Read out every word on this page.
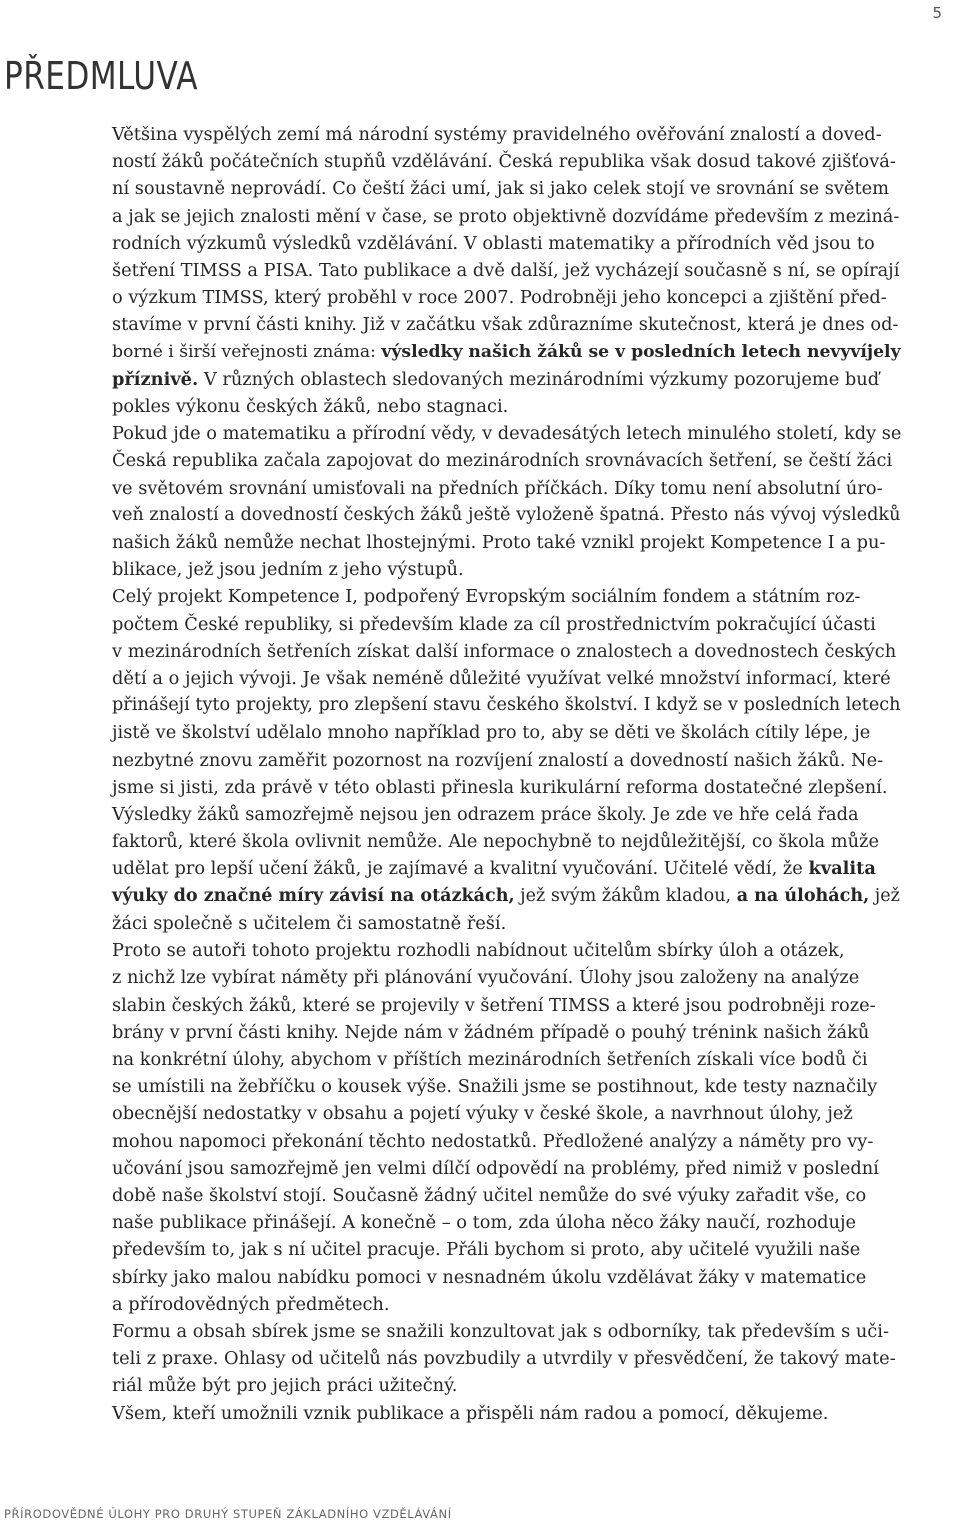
5
PŘEDMLUVA
Většina vyspělých zemí má národní systémy pravidelného ověřování znalostí a doved-
ností žáků počátečních stupňů vzdělávání. Česká republika však dosud takové zjišťová-
ní soustavně neprovádí. Co čeští žáci umí, jak si jako celek stojí ve srovnání se světem
a jak se jejich znalosti mění v čase, se proto objektivně dozvídáme především z meziná-
rodních výzkumů výsledků vzdělávání. V oblasti matematiky a přírodních věd jsou to
šetření TIMSS a PISA. Tato publikace a dvě další, jež vycházejí současně s ní, se opírají
o výzkum TIMSS, který proběhl v roce 2007. Podrobněji jeho koncepci a zjištění před-
stavíme v první části knihy. Již v začátku však zdůrazníme skutečnost, která je dnes od-
borné i širší veřejnosti známa: výsledky našich žáků se v posledních letech nevyvíjely
příznivě. V různých oblastech sledovaných mezinárodními výzkumy pozorujeme buď
pokles výkonu českých žáků, nebo stagnaci.
Pokud jde o matematiku a přírodní vědy, v devadesátých letech minulého století, kdy se
Česká republika začala zapojovat do mezinárodních srovnávacích šetření, se čeští žáci
ve světovém srovnání umisťovali na předních příčkách. Díky tomu není absolutní úro-
veň znalostí a dovedností českých žáků ještě vyloženě špatná. Přesto nás vývoj výsledků
našich žáků nemůže nechat lhostejnými. Proto také vznikl projekt Kompetence I a pu-
blikace, jež jsou jedním z jeho výstupů.
Celý projekt Kompetence I, podpořený Evropským sociálním fondem a státním roz-
počtem České republiky, si především klade za cíl prostřednictvím pokračující účasti
v mezinárodních šetřeních získat další informace o znalostech a dovednostech českých
dětí a o jejich vývoji. Je však neméně důležité využívat velké množství informací, které
přinášejí tyto projekty, pro zlepšení stavu českého školství. I když se v posledních letech
jistě ve školství udělalo mnoho například pro to, aby se děti ve školách cítily lépe, je
nezbytné znovu zaměřit pozornost na rozvíjení znalostí a dovedností našich žáků. Ne-
jsme si jisti, zda právě v této oblasti přinesla kurikulární reforma dostatečné zlepšení.
Výsledky žáků samozřejmě nejsou jen odrazem práce školy. Je zde ve hře celá řada
faktorů, které škola ovlivnit nemůže. Ale nepochybně to nejdůležitější, co škola může
udělat pro lepší učení žáků, je zajímavé a kvalitní vyučování. Učitelé vědí, že kvalita
výuky do značné míry závisí na otázkách, jež svým žákům kladou, a na úlohách, jež
žáci společně s učitelem či samostatně řeší.
Proto se autoři tohoto projektu rozhodli nabídnout učitelům sbírky úloh a otázek,
z nichž lze vybírat náměty při plánování vyučování. Úlohy jsou založeny na analýze
slabin českých žáků, které se projevily v šetření TIMSS a které jsou podrobněji roze-
brány v první části knihy. Nejde nám v žádném případě o pouhý trénink našich žáků
na konkrétní úlohy, abychom v příštích mezinárodních šetřeních získali více bodů či
se umístili na žebříčku o kousek výše. Snažili jsme se postihnout, kde testy naznačily
obecnější nedostatky v obsahu a pojetí výuky v české škole, a navrhnout úlohy, jež
mohou napomoci překonání těchto nedostatků. Předložené analýzy a náměty pro vy-
učování jsou samozřejmě jen velmi dílčí odpovědí na problémy, před nimiž v poslední
době naše školství stojí. Současně žádný učitel nemůže do své výuky zařadit vše, co
naše publikace přinášejí. A konečně – o tom, zda úloha něco žáky naučí, rozhoduje
především to, jak s ní učitel pracuje. Přáli bychom si proto, aby učitelé využili naše
sbírky jako malou nabídku pomoci v nesnadném úkolu vzdělávat žáky v matematice
a přírodovědných předmětech.
Formu a obsah sbírek jsme se snažili konzultovat jak s odborníky, tak především s uči-
teli z praxe. Ohlasy od učitelů nás povzbudily a utvrdily v přesvědčení, že takový mate-
riál může být pro jejich práci užitečný.
Všem, kteří umožnili vznik publikace a přispěli nám radou a pomocí, děkujeme.
PŘÍRODOVĚDNÉ ÚLOHY PRO DRUHÝ STUPEŇ ZÁKLADNÍHO VZDĚLÁVÁNÍ
